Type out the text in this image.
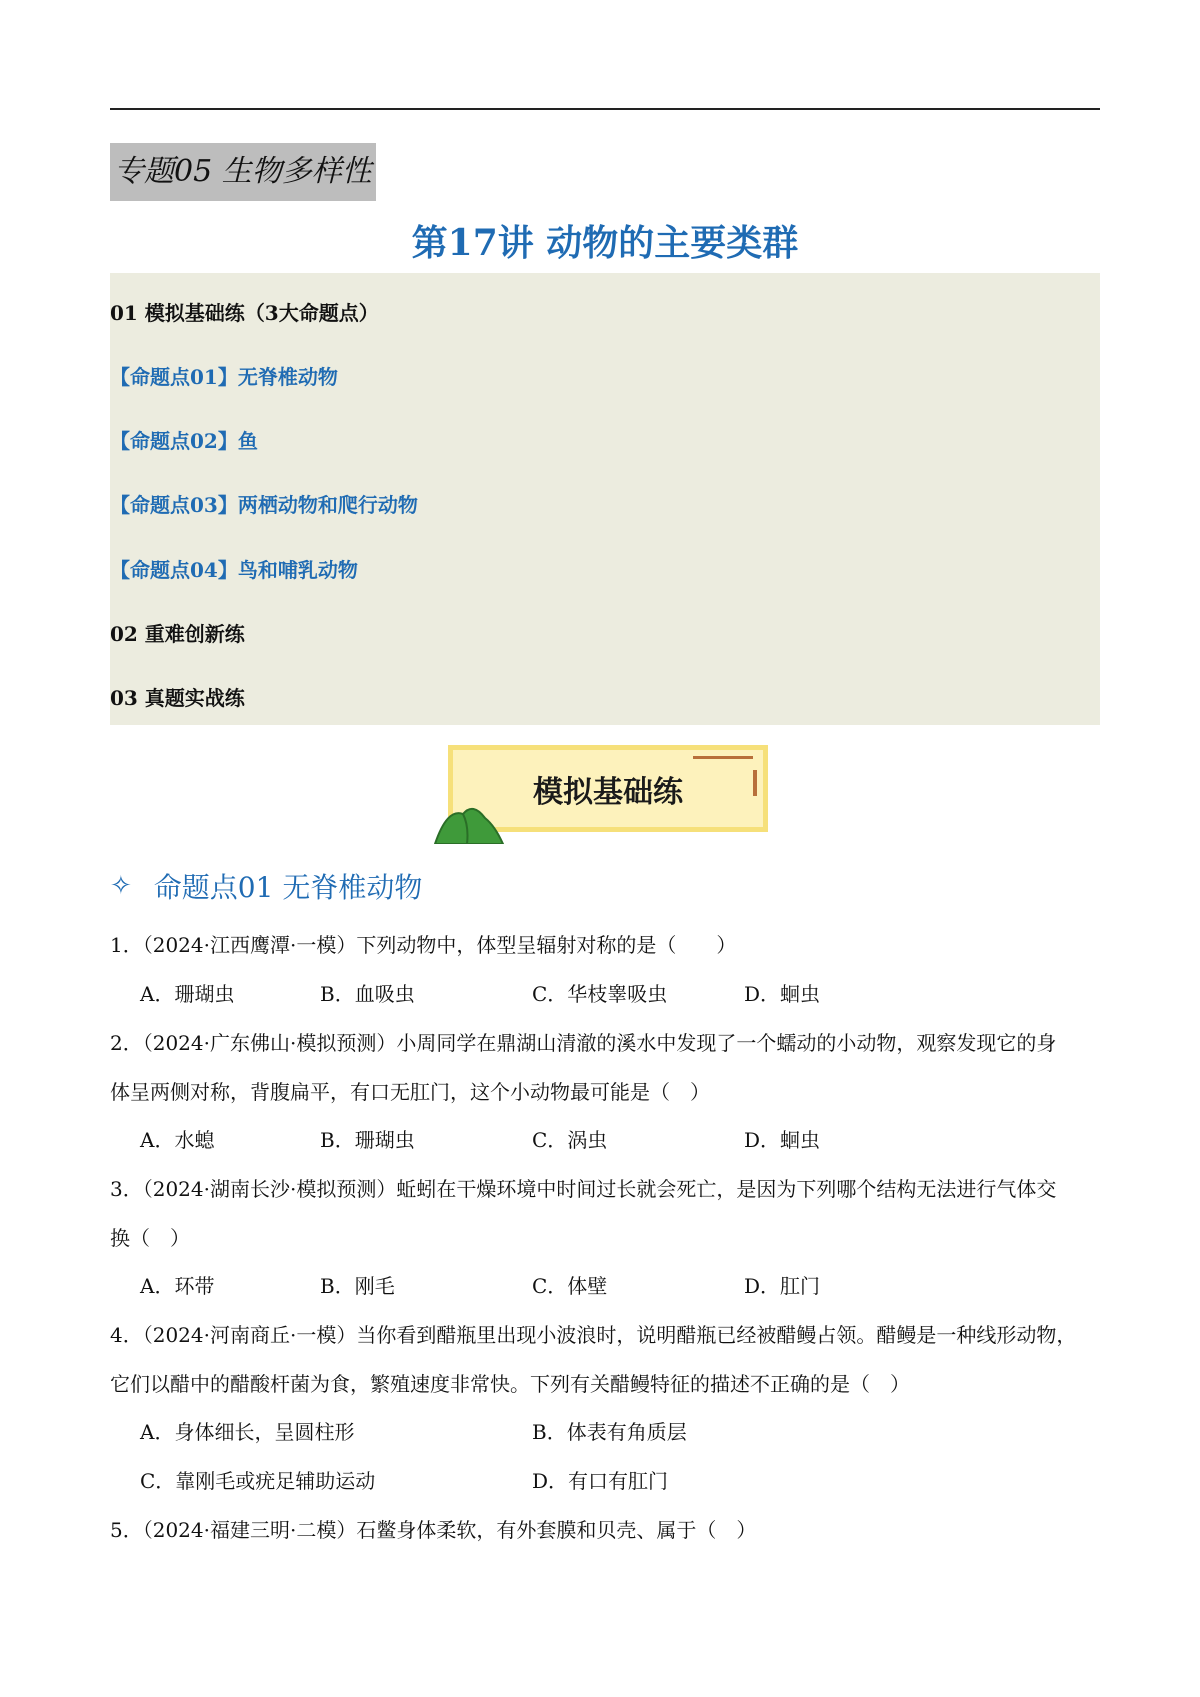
专题05 生物多样性
第17讲 动物的主要类群
01 模拟基础练（3大命题点）
【命题点01】无脊椎动物
【命题点02】鱼
【命题点03】两栖动物和爬行动物
【命题点04】鸟和哺乳动物
02 重难创新练
03 真题实战练
模拟基础练
✧ 命题点01 无脊椎动物
1．（2024·江西鹰潭·一模）下列动物中，体型呈辐射对称的是（　　）
A．珊瑚虫	B．血吸虫	C．华枝睾吸虫	D．蛔虫
2．（2024·广东佛山·模拟预测）小周同学在鼎湖山清澈的溪水中发现了一个蠕动的小动物，观察发现它的身
体呈两侧对称，背腹扁平，有口无肛门，这个小动物最可能是（　）
A．水螅	B．珊瑚虫	C．涡虫	D．蛔虫
3．（2024·湖南长沙·模拟预测）蚯蚓在干燥环境中时间过长就会死亡，是因为下列哪个结构无法进行气体交
换（　）
A．环带	B．刚毛	C．体壁	D．肛门
4．（2024·河南商丘·一模）当你看到醋瓶里出现小波浪时，说明醋瓶已经被醋鳗占领。醋鳗是一种线形动物，
它们以醋中的醋酸杆菌为食，繁殖速度非常快。下列有关醋鳗特征的描述不正确的是（　）
A．身体细长，呈圆柱形	B．体表有角质层
C．靠刚毛或疣足辅助运动	D．有口有肛门
5．（2024·福建三明·二模）石鳖身体柔软，有外套膜和贝壳、属于（　）
